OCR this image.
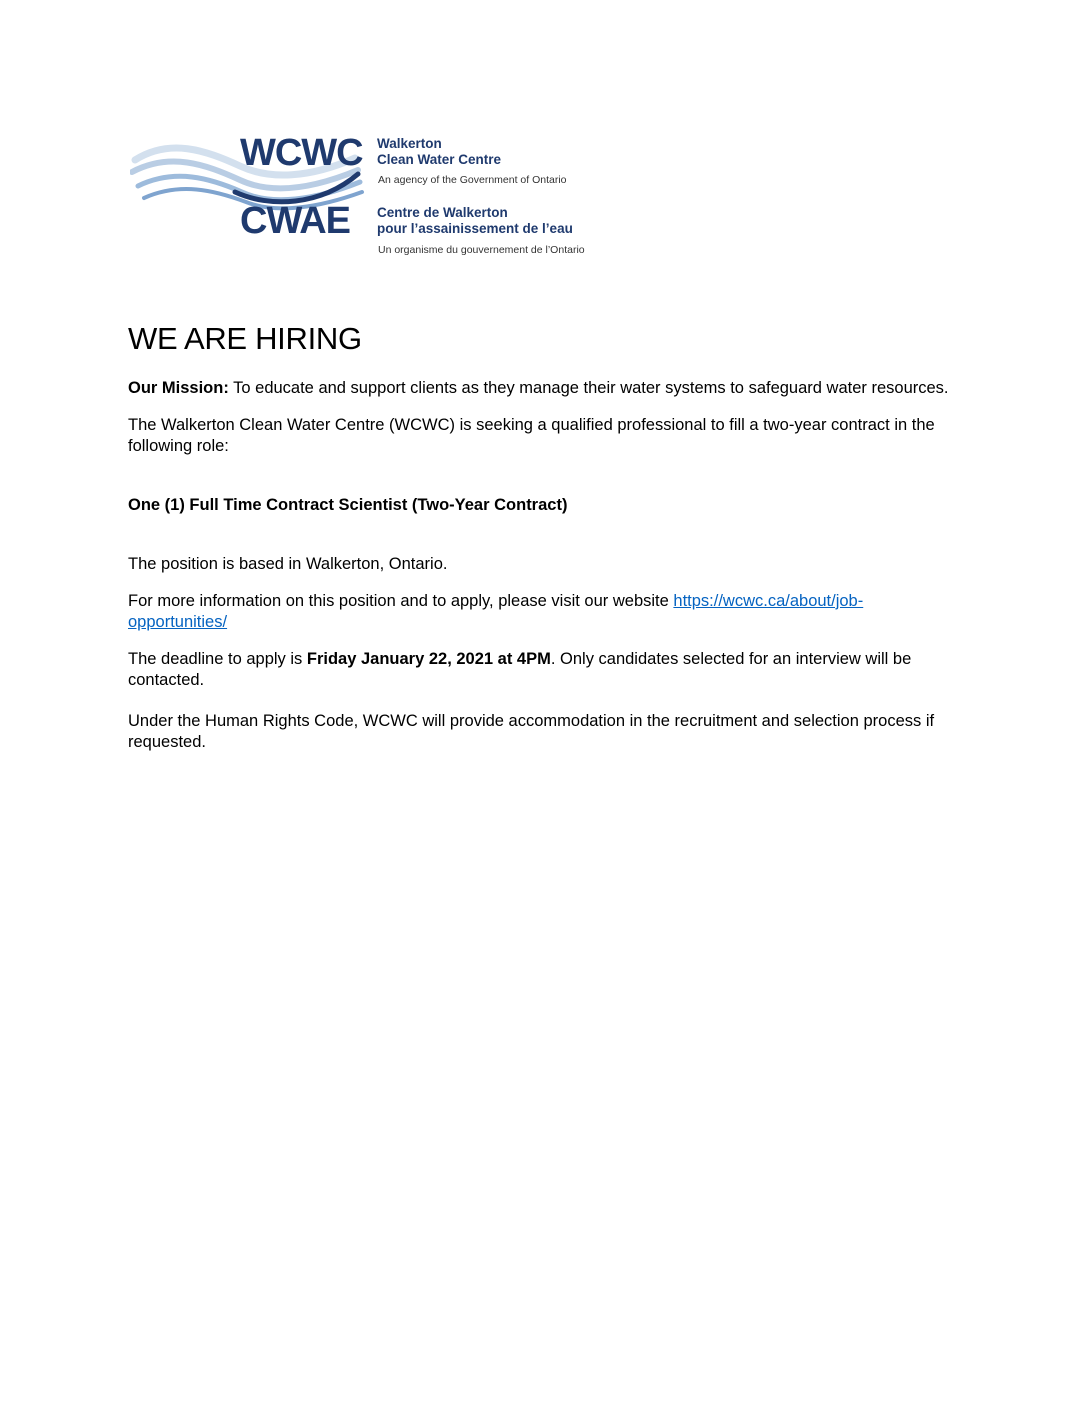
WCWC Walkerton
Clean Water Centre
An agency of the Government of Ontario
CWAE Centre de Walkerton
pour l’assainissement de l’eau
Un organisme du gouvernement de l’Ontario
WE ARE HIRING

Our Mission: To educate and support clients as they manage their water systems to safeguard water resources.

The Walkerton Clean Water Centre (WCWC) is seeking a qualified professional to fill a two-year contract in the following role:

One (1) Full Time Contract Scientist (Two-Year Contract)

The position is based in Walkerton, Ontario.

For more information on this position and to apply, please visit our website https://wcwc.ca/about/job-opportunities/

The deadline to apply is Friday January 22, 2021 at 4PM. Only candidates selected for an interview will be contacted.

Under the Human Rights Code, WCWC will provide accommodation in the recruitment and selection process if requested.
